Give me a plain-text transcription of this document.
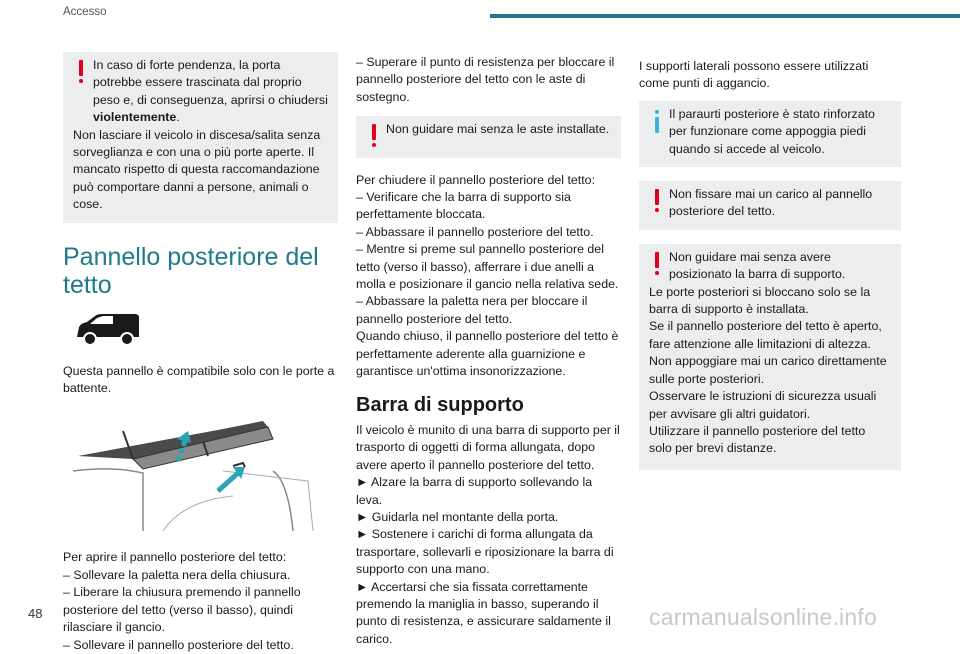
Accesso

In caso di forte pendenza, la porta potrebbe essere trascinata dal proprio peso e, di conseguenza, aprirsi o chiudersi violentemente.

Non lasciare il veicolo in discesa/salita senza sorveglianza e con una o più porte aperte. Il mancato rispetto di questa raccomandazione può comportare danni a persone, animali o cose.

Pannello posteriore del tetto

Questa pannello è compatibile solo con le porte a battente.

Per aprire il pannello posteriore del tetto:

– Sollevare la paletta nera della chiusura.

– Liberare la chiusura premendo il pannello posteriore del tetto (verso il basso), quindi rilasciare il gancio.

– Sollevare il pannello posteriore del tetto.

– Superare il punto di resistenza per bloccare il pannello posteriore del tetto con le aste di sostegno.

Non guidare mai senza le aste installate.

Per chiudere il pannello posteriore del tetto:

– Verificare che la barra di supporto sia perfettamente bloccata.

– Abbassare il pannello posteriore del tetto.

– Mentre si preme sul pannello posteriore del tetto (verso il basso), afferrare i due anelli a molla e posizionare il gancio nella relativa sede.

– Abbassare la paletta nera per bloccare il pannello posteriore del tetto.

Quando chiuso, il pannello posteriore del tetto è perfettamente aderente alla guarnizione e garantisce un'ottima insonorizzazione.

Barra di supporto

Il veicolo è munito di una barra di supporto per il trasporto di oggetti di forma allungata, dopo avere aperto il pannello posteriore del tetto.

► Alzare la barra di supporto sollevando la leva.

► Guidarla nel montante della porta.

► Sostenere i carichi di forma allungata da trasportare, sollevarli e riposizionare la barra di supporto con una mano.

► Accertarsi che sia fissata correttamente premendo la maniglia in basso, superando il punto di resistenza, e assicurare saldamente il carico.

I supporti laterali possono essere utilizzati come punti di aggancio.

Il paraurti posteriore è stato rinforzato per funzionare come appoggia piedi quando si accede al veicolo.

Non fissare mai un carico al pannello posteriore del tetto.

Non guidare mai senza avere posizionato la barra di supporto.

Le porte posteriori si bloccano solo se la barra di supporto è installata.

Se il pannello posteriore del tetto è aperto, fare attenzione alle limitazioni di altezza.

Non appoggiare mai un carico direttamente sulle porte posteriori.

Osservare le istruzioni di sicurezza usuali per avvisare gli altri guidatori.

Utilizzare il pannello posteriore del tetto solo per brevi distanze.

48	carmanualsonline.info
